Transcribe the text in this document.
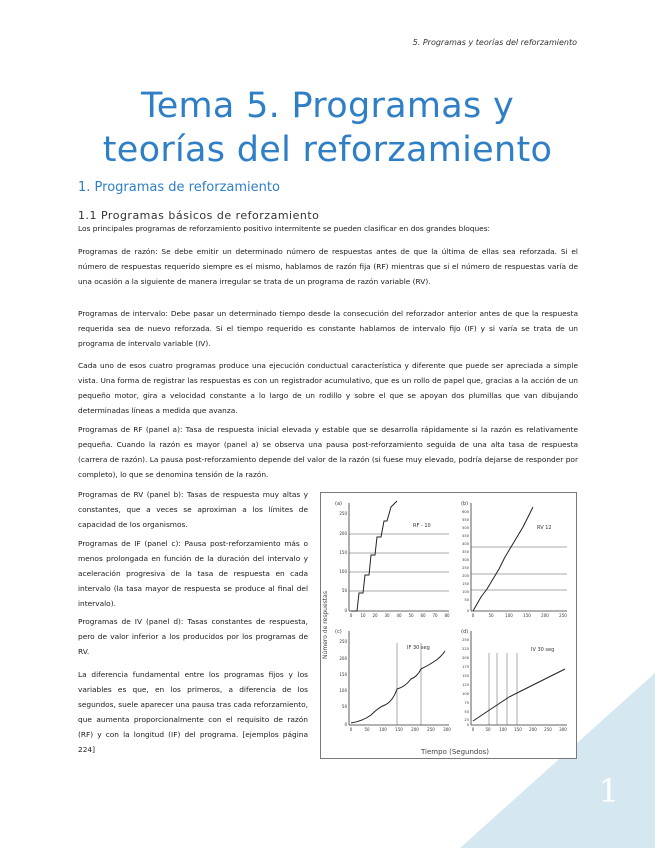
1
5. Programas y teorías del reforzamiento
Tema 5. Programas y
teorías del reforzamiento
1. Programas de reforzamiento
1.1 Programas básicos de reforzamiento

Los principales programas de reforzamiento positivo intermitente se pueden clasificar en dos grandes bloques:

Programas de razón: Se debe emitir un determinado número de respuestas antes de que la última de ellas sea reforzada. Si el número de respuestas requerido siempre es el mismo, hablamos de razón fija (RF) mientras que si el número de respuestas varía de una ocasión a la siguiente de manera irregular se trata de un programa de razón variable (RV).

Programas de intervalo: Debe pasar un determinado tiempo desde la consecución del reforzador anterior antes de que la respuesta requerida sea de nuevo reforzada. Si el tiempo requerido es constante hablamos de intervalo fijo (IF) y si varía se trata de un programa de intervalo variable (IV).

Cada uno de esos cuatro programas produce una ejecución conductual característica y diferente que puede ser apreciada a simple vista. Una forma de registrar las respuestas es con un registrador acumulativo, que es un rollo de papel que, gracias a la acción de un pequeño motor, gira a velocidad constante a lo largo de un rodillo y sobre el que se apoyan dos plumillas que van dibujando determinadas líneas a medida que avanza.

Programas de RF (panel a): Tasa de respuesta inicial elevada y estable que se desarrolla rápidamente si la razón es relativamente pequeña. Cuando la razón es mayor (panel a) se observa una pausa post-reforzamiento seguida de una alta tasa de respuesta (carrera de razón). La pausa post-reforzamiento depende del valor de la razón (si fuese muy elevado, podría dejarse de responder por completo), lo que se denomina tensión de la razón.

Programas de RV (panel b): Tasas de respuesta muy altas y constantes, que a veces se aproximan a los límites de capacidad de los organismos.

Programas de IF (panel c): Pausa post-reforzamiento más o menos prolongada en función de la duración del intervalo y aceleración progresiva de la tasa de respuesta en cada intervalo (la tasa mayor de respuesta se produce al final del intervalo).

Programas de IV (panel d): Tasas constantes de respuesta, pero de valor inferior a los producidos por los programas de RV.

La diferencia fundamental entre los programas fijos y los variables es que, en los primeros, a diferencia de los segundos, suele aparecer una pausa tras cada reforzamiento, que aumenta proporcionalmente con el requisito de razón (RF) y con la longitud (IF) del programa. [ejemplos página 224]

Número de respuestas
Tiempo (Segundos)
(a)
250
200
150
100
50
0
0 10 20 30 40 50 60 70 80
RF - 10
(b)
600
550
500
450
400
350
300
250
200
150
100
50
0
0	50	100	150	200	250
RV 12
(c)
250
200
150
100
50
0
0	50 100 150 200 250 300
IF 30 seg
(d)
250
225
200
175
150
125
100
75
50
25
0
0	50 100 150 200 250 300
IV 30 seg
